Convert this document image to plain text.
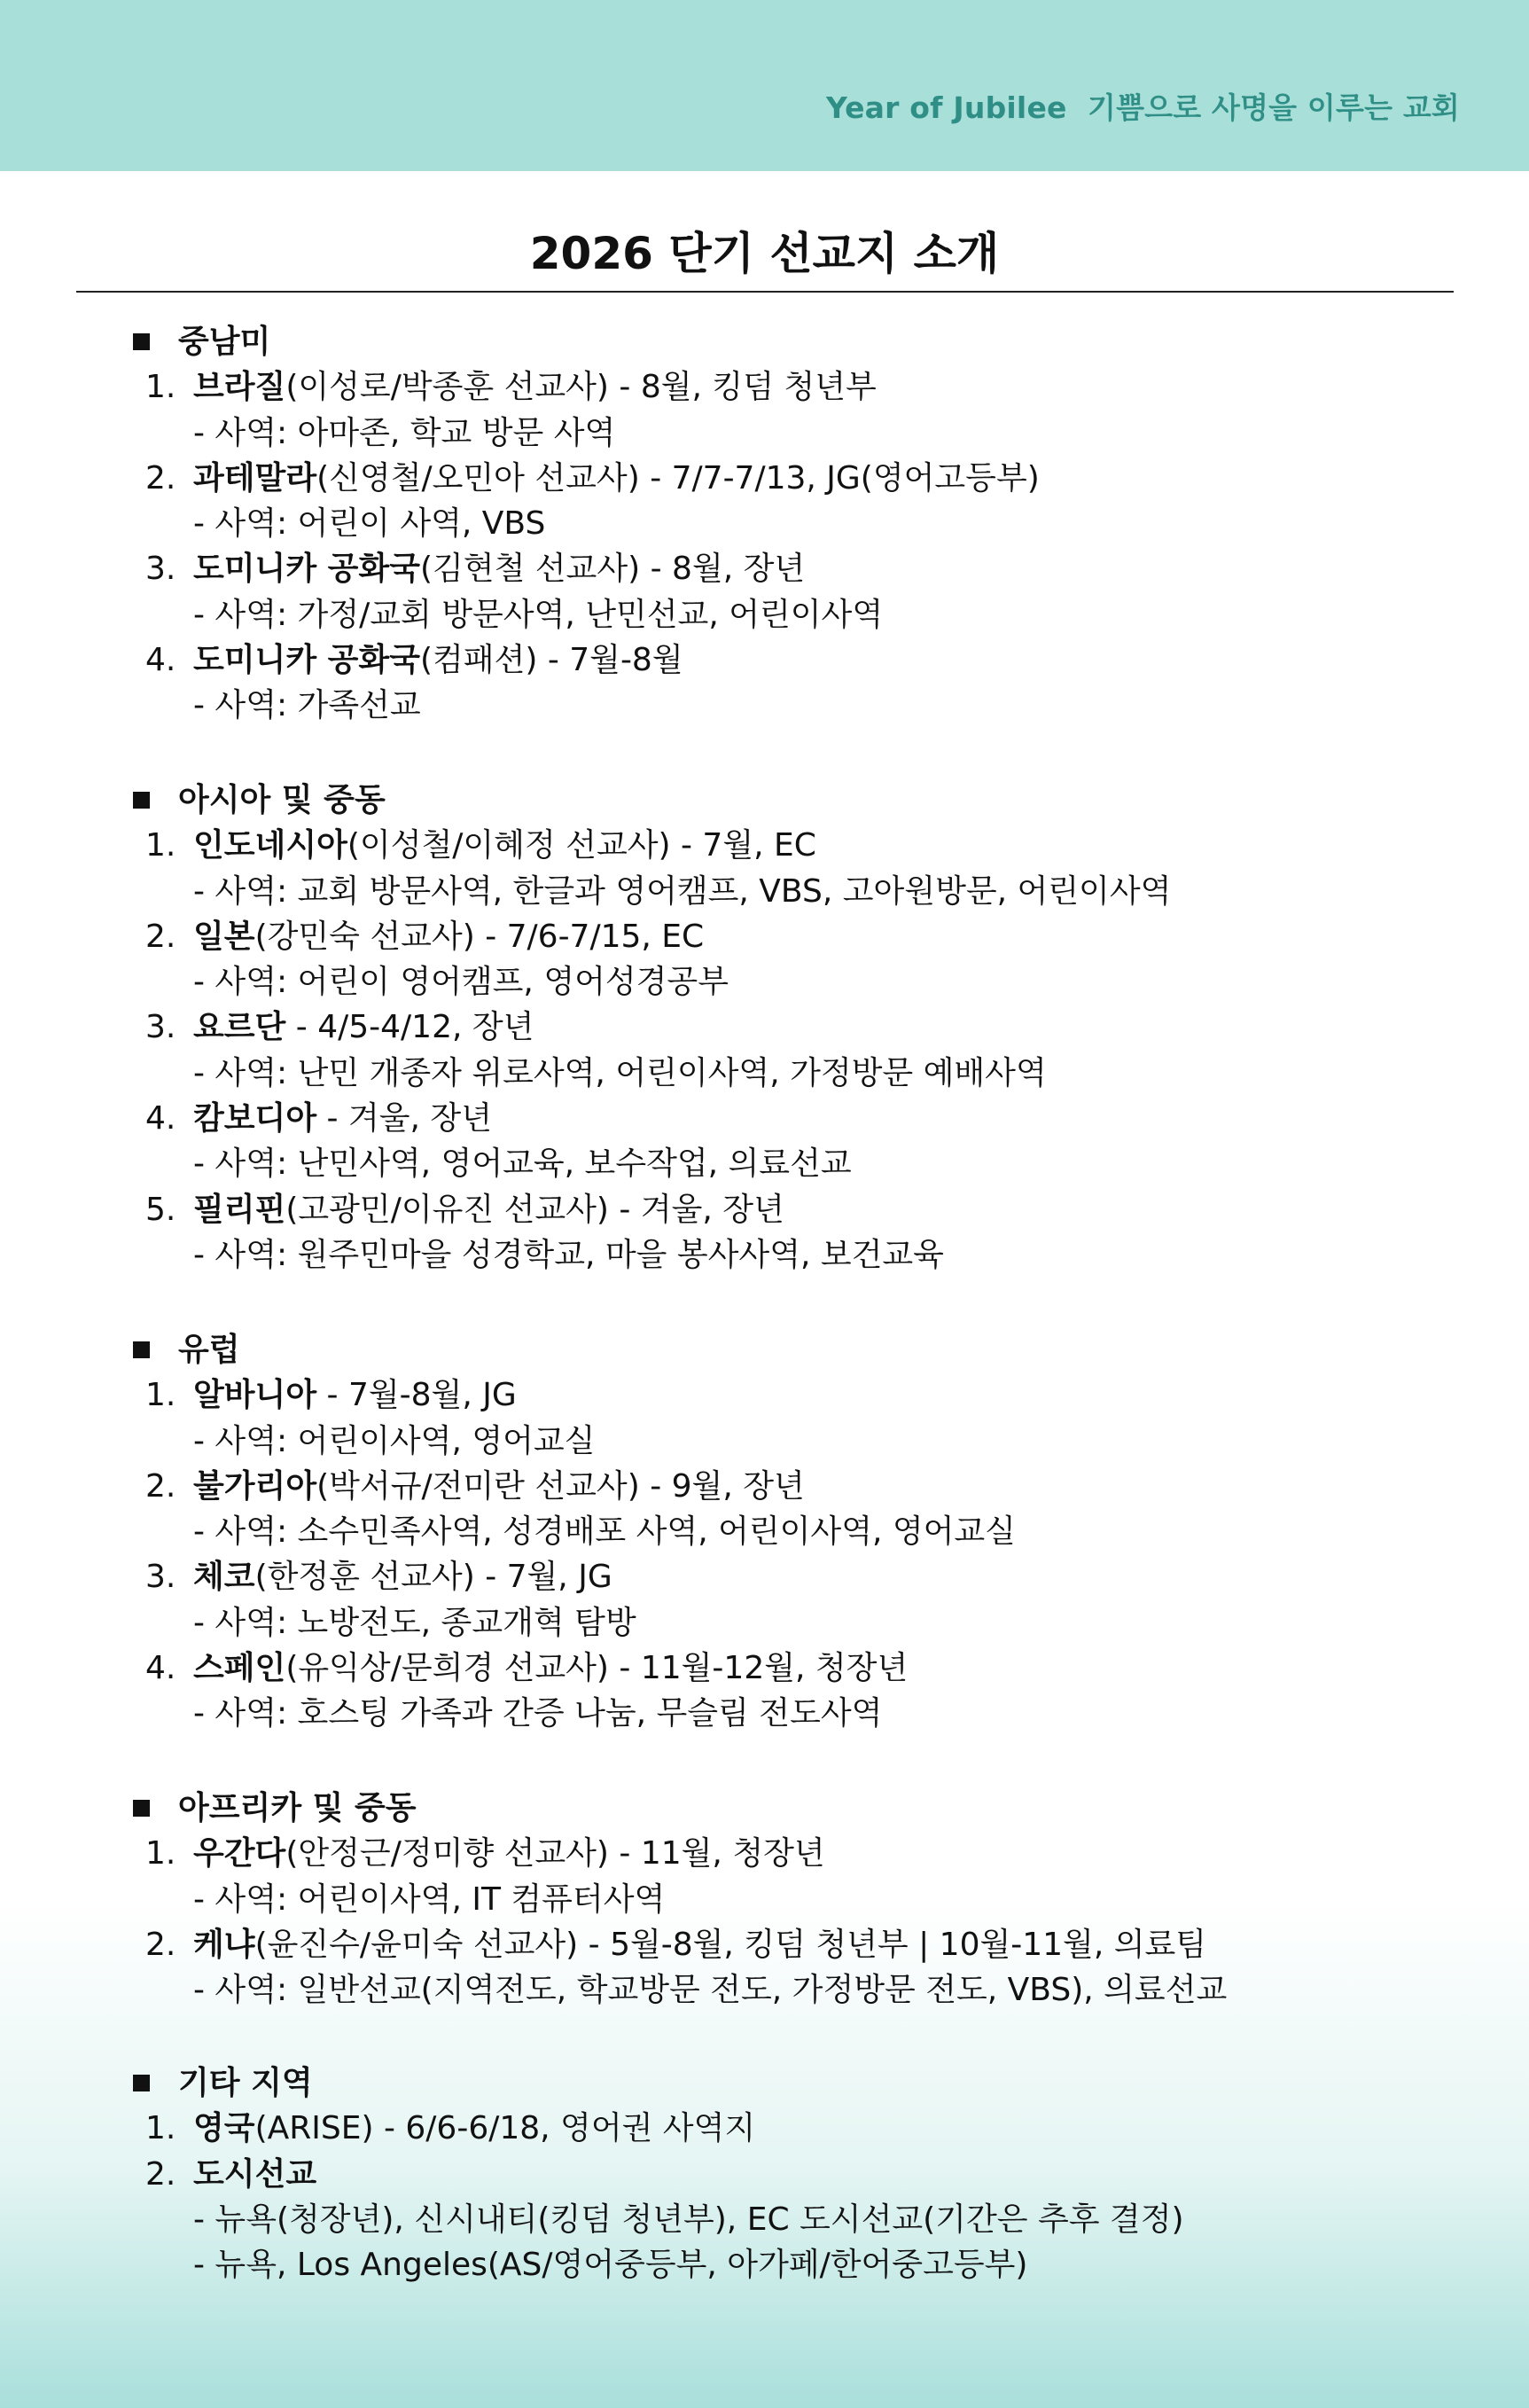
Year of Jubilee  기쁨으로 사명을 이루는 교회
2026 단기 선교지 소개
중남미
1. 브라질(이성로/박종훈 선교사) - 8월, 킹덤 청년부
- 사역: 아마존, 학교 방문 사역
2. 과테말라(신영철/오민아 선교사) - 7/7-7/13, JG(영어고등부)
- 사역: 어린이 사역, VBS
3. 도미니카 공화국(김현철 선교사) - 8월, 장년
- 사역: 가정/교회 방문사역, 난민선교, 어린이사역
4. 도미니카 공화국(컴패션) - 7월-8월
- 사역: 가족선교
아시아 및 중동
1. 인도네시아(이성철/이혜정 선교사) - 7월, EC
- 사역: 교회 방문사역, 한글과 영어캠프, VBS, 고아원방문, 어린이사역
2. 일본(강민숙 선교사) - 7/6-7/15, EC
- 사역: 어린이 영어캠프, 영어성경공부
3. 요르단 - 4/5-4/12, 장년
- 사역: 난민 개종자 위로사역, 어린이사역, 가정방문 예배사역
4. 캄보디아 - 겨울, 장년
- 사역: 난민사역, 영어교육, 보수작업, 의료선교
5. 필리핀(고광민/이유진 선교사) - 겨울, 장년
- 사역: 원주민마을 성경학교, 마을 봉사사역, 보건교육
유럽
1. 알바니아 - 7월-8월, JG
- 사역: 어린이사역, 영어교실
2. 불가리아(박서규/전미란 선교사) - 9월, 장년
- 사역: 소수민족사역, 성경배포 사역, 어린이사역, 영어교실
3. 체코(한정훈 선교사) - 7월, JG
- 사역: 노방전도, 종교개혁 탐방
4. 스페인(유익상/문희경 선교사) - 11월-12월, 청장년
- 사역: 호스팅 가족과 간증 나눔, 무슬림 전도사역
아프리카 및 중동
1. 우간다(안정근/정미향 선교사) - 11월, 청장년
- 사역: 어린이사역, IT 컴퓨터사역
2. 케냐(윤진수/윤미숙 선교사) - 5월-8월, 킹덤 청년부 | 10월-11월, 의료팀
- 사역: 일반선교(지역전도, 학교방문 전도, 가정방문 전도, VBS), 의료선교
기타 지역
1. 영국(ARISE) - 6/6-6/18, 영어권 사역지
2. 도시선교
- 뉴욕(청장년), 신시내티(킹덤 청년부), EC 도시선교(기간은 추후 결정)
- 뉴욕, Los Angeles(AS/영어중등부, 아가페/한어중고등부)
